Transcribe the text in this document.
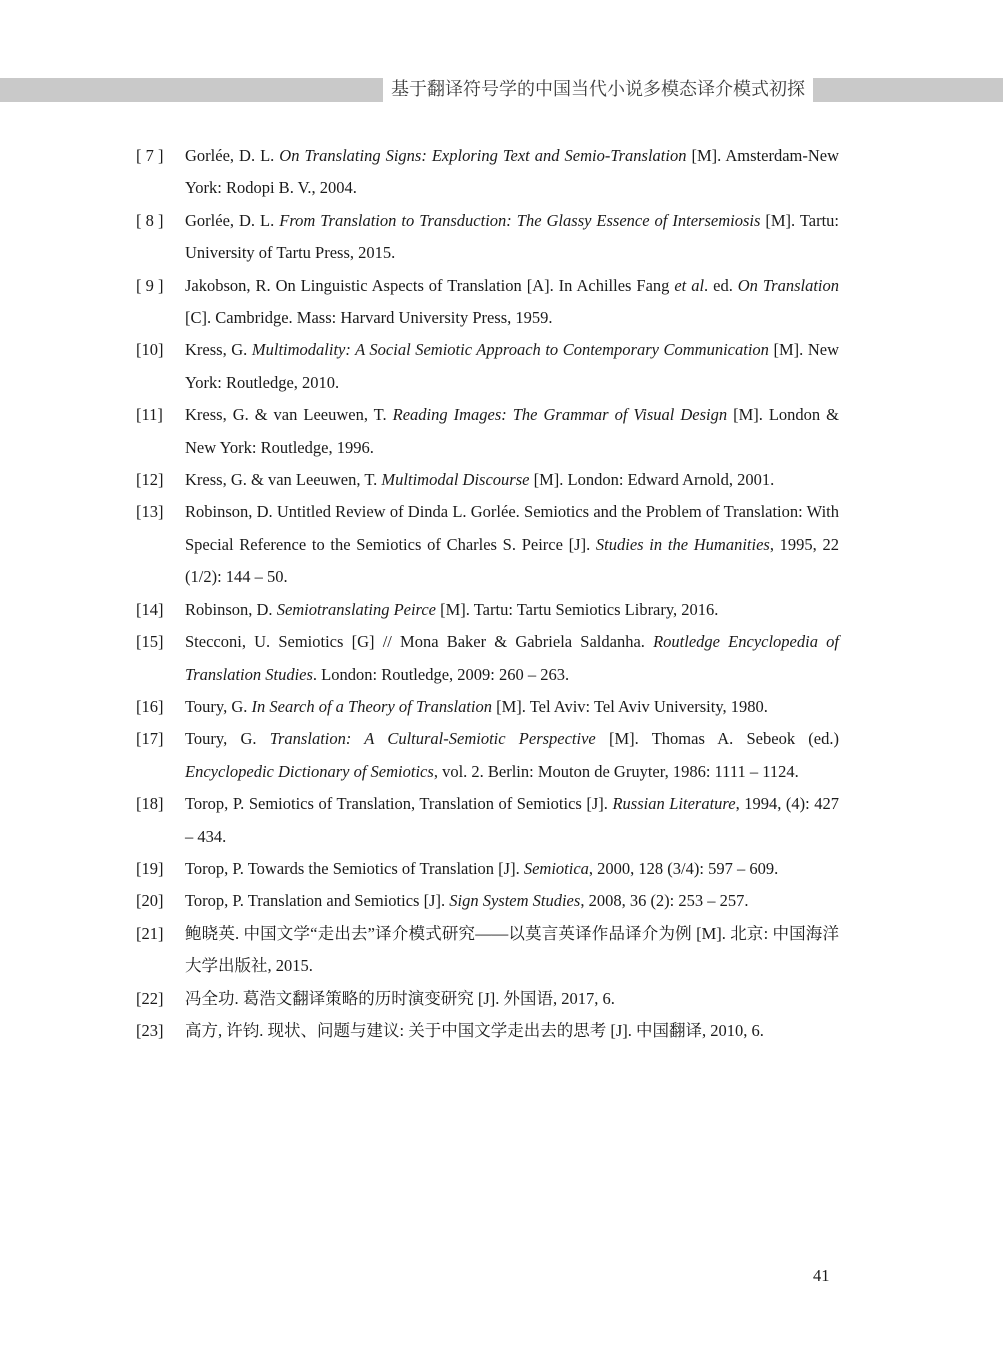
基于翻译符号学的中国当代小说多模态译介模式初探
[ 7 ] Gorlée, D. L. On Translating Signs: Exploring Text and Semio-Translation [M]. Amsterdam-New York: Rodopi B. V., 2004.
[ 8 ] Gorlée, D. L. From Translation to Transduction: The Glassy Essence of Intersemiosis [M]. Tartu: University of Tartu Press, 2015.
[ 9 ] Jakobson, R. On Linguistic Aspects of Translation [A]. In Achilles Fang et al. ed. On Translation [C]. Cambridge. Mass: Harvard University Press, 1959.
[10] Kress, G. Multimodality: A Social Semiotic Approach to Contemporary Communication [M]. New York: Routledge, 2010.
[11] Kress, G. & van Leeuwen, T. Reading Images: The Grammar of Visual Design [M]. London & New York: Routledge, 1996.
[12] Kress, G. & van Leeuwen, T. Multimodal Discourse [M]. London: Edward Arnold, 2001.
[13] Robinson, D. Untitled Review of Dinda L. Gorlée. Semiotics and the Problem of Translation: With Special Reference to the Semiotics of Charles S. Peirce [J]. Studies in the Humanities, 1995, 22 (1/2): 144 – 50.
[14] Robinson, D. Semiotranslating Peirce [M]. Tartu: Tartu Semiotics Library, 2016.
[15] Stecconi, U. Semiotics [G] // Mona Baker & Gabriela Saldanha. Routledge Encyclopedia of Translation Studies. London: Routledge, 2009: 260 – 263.
[16] Toury, G. In Search of a Theory of Translation [M]. Tel Aviv: Tel Aviv University, 1980.
[17] Toury, G. Translation: A Cultural-Semiotic Perspective [M]. Thomas A. Sebeok (ed.) Encyclopedic Dictionary of Semiotics, vol. 2. Berlin: Mouton de Gruyter, 1986: 1111 – 1124.
[18] Torop, P. Semiotics of Translation, Translation of Semiotics [J]. Russian Literature, 1994, (4): 427 – 434.
[19] Torop, P. Towards the Semiotics of Translation [J]. Semiotica, 2000, 128 (3/4): 597 – 609.
[20] Torop, P. Translation and Semiotics [J]. Sign System Studies, 2008, 36 (2): 253 – 257.
[21] 鲍晓英. 中国文学“走出去”译介模式研究——以莫言英译作品译介为例 [M]. 北京: 中国海洋大学出版社, 2015.
[22] 冯全功. 葛浩文翻译策略的历时演变研究 [J]. 外国语, 2017, 6.
[23] 高方, 许钧. 现状、问题与建议: 关于中国文学走出去的思考 [J]. 中国翻译, 2010, 6.
41
